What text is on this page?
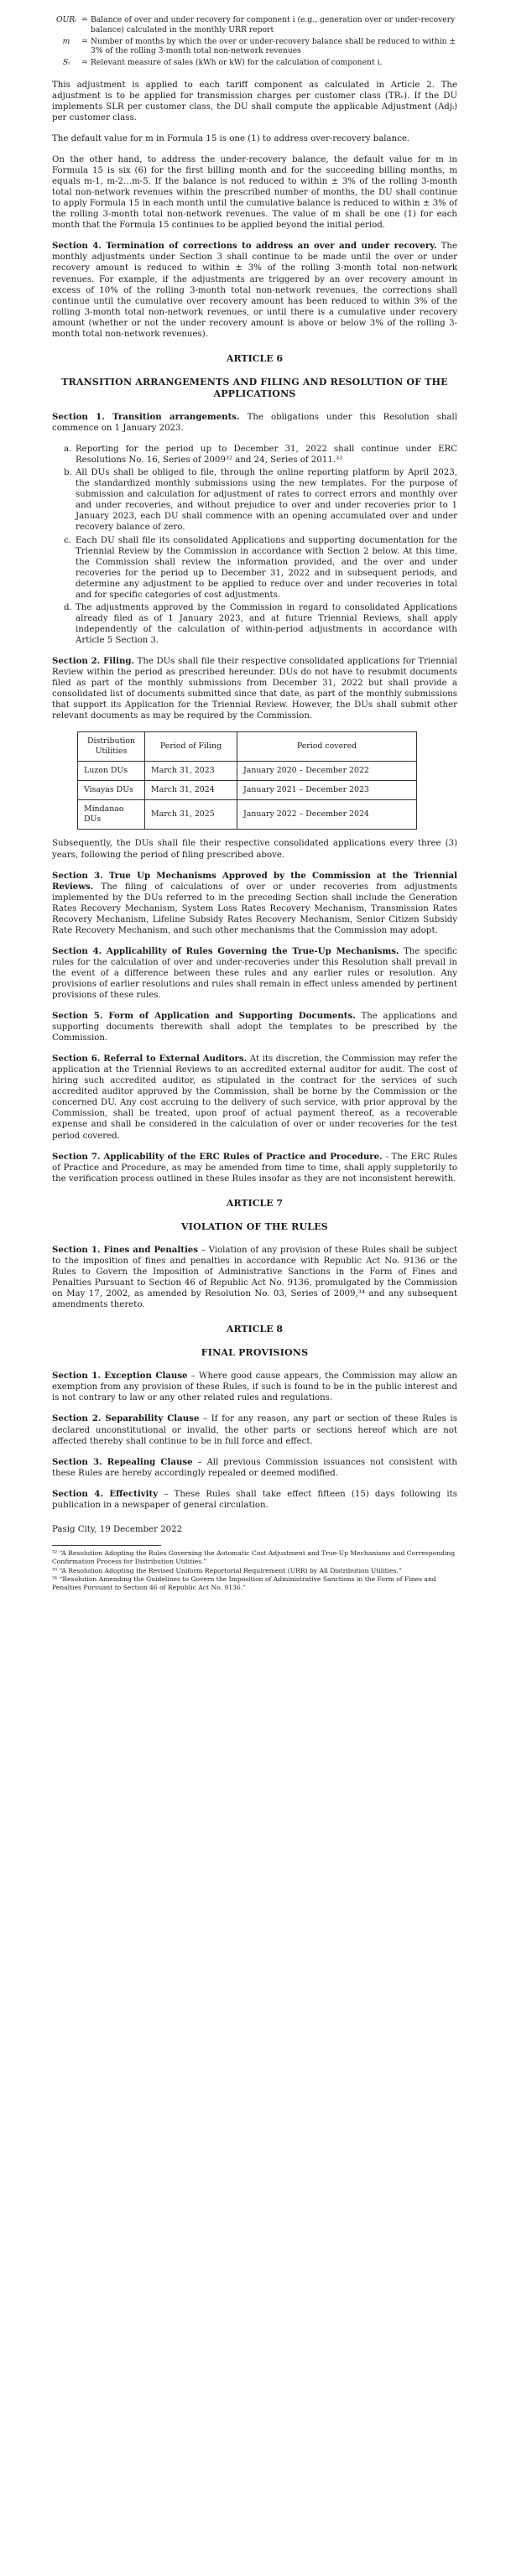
OURᵢ = Balance of over and under recovery for component i (e.g., generation over or under-recovery balance) calculated in the monthly URR report
m	= Number of months by which the over or under-recovery balance shall be reduced to within ± 3% of the rolling 3-month total non-network revenues
Sᵢ	= Relevant measure of sales (kWh or kW) for the calculation of component i.

This adjustment is applied to each tariff component as calculated in Article 2. The adjustment is to be applied for transmission charges per customer class (TRᵥ). If the DU implements SLR per customer class, the DU shall compute the applicable Adjustment (Adjᵢ) per customer class.

The default value for m in Formula 15 is one (1) to address over-recovery balance.

On the other hand, to address the under-recovery balance, the default value for m in Formula 15 is six (6) for the first billing month and for the succeeding billing months, m equals m-1, m-2…m-5. If the balance is not reduced to within ± 3% of the rolling 3-month total non-network revenues within the prescribed number of months, the DU shall continue to apply Formula 15 in each month until the cumulative balance is reduced to within ± 3% of the rolling 3-month total non-network revenues. The value of m shall be one (1) for each month that the Formula 15 continues to be applied beyond the initial period.

Section 4. Termination of corrections to address an over and under recovery. The monthly adjustments under Section 3 shall continue to be made until the over or under recovery amount is reduced to within ± 3% of the rolling 3-month total non-network revenues. For example, if the adjustments are triggered by an over recovery amount in excess of 10% of the rolling 3-month total non-network revenues, the corrections shall continue until the cumulative over recovery amount has been reduced to within 3% of the rolling 3-month total non-network revenues, or until there is a cumulative under recovery amount (whether or not the under recovery amount is above or below 3% of the rolling 3-month total non-network revenues).

ARTICLE 6
TRANSITION ARRANGEMENTS AND FILING AND RESOLUTION OF THE APPLICATIONS

Section 1. Transition arrangements. The obligations under this Resolution shall commence on 1 January 2023.

a. Reporting for the period up to December 31, 2022 shall continue under ERC Resolutions No. 16, Series of 2009³² and 24, Series of 2011.³³
b. All DUs shall be obliged to file, through the online reporting platform by April 2023, the standardized monthly submissions using the new templates. For the purpose of submission and calculation for adjustment of rates to correct errors and monthly over and under recoveries, and without prejudice to over and under recoveries prior to 1 January 2023, each DU shall commence with an opening accumulated over and under recovery balance of zero.
c. Each DU shall file its consolidated Applications and supporting documentation for the Triennial Review by the Commission in accordance with Section 2 below. At this time, the Commission shall review the information provided, and the over and under recoveries for the period up to December 31, 2022 and in subsequent periods, and determine any adjustment to be applied to reduce over and under recoveries in total and for specific categories of cost adjustments.
d. The adjustments approved by the Commission in regard to consolidated Applications already filed as of 1 January 2023, and at future Triennial Reviews, shall apply independently of the calculation of within-period adjustments in accordance with Article 5 Section 3.

Section 2. Filing. The DUs shall file their respective consolidated applications for Triennial Review within the period as prescribed hereunder. DUs do not have to resubmit documents filed as part of the monthly submissions from December 31, 2022 but shall provide a consolidated list of documents submitted since that date, as part of the monthly submissions that support its Application for the Triennial Review. However, the DUs shall submit other relevant documents as may be required by the Commission.

Distribution Utilities	Period of Filing	Period covered
Luzon DUs	March 31, 2023	January 2020 – December 2022
Visayas DUs	March 31, 2024	January 2021 – December 2023
Mindanao DUs	March 31, 2025	January 2022 – December 2024

Subsequently, the DUs shall file their respective consolidated applications every three (3) years, following the period of filing prescribed above.

Section 3. True Up Mechanisms Approved by the Commission at the Triennial Reviews. The filing of calculations of over or under recoveries from adjustments implemented by the DUs referred to in the preceding Section shall include the Generation Rates Recovery Mechanism, System Loss Rates Recovery Mechanism, Transmission Rates Recovery Mechanism, Lifeline Subsidy Rates Recovery Mechanism, Senior Citizen Subsidy Rate Recovery Mechanism, and such other mechanisms that the Commission may adopt.

Section 4. Applicability of Rules Governing the True-Up Mechanisms. The specific rules for the calculation of over and under-recoveries under this Resolution shall prevail in the event of a difference between these rules and any earlier rules or resolution. Any provisions of earlier resolutions and rules shall remain in effect unless amended by pertinent provisions of these rules.

Section 5. Form of Application and Supporting Documents. The applications and supporting documents therewith shall adopt the templates to be prescribed by the Commission.

Section 6. Referral to External Auditors. At its discretion, the Commission may refer the application at the Triennial Reviews to an accredited external auditor for audit. The cost of hiring such accredited auditor, as stipulated in the contract for the services of such accredited auditor approved by the Commission, shall be borne by the Commission or the concerned DU. Any cost accruing to the delivery of such service, with prior approval by the Commission, shall be treated, upon proof of actual payment thereof, as a recoverable expense and shall be considered in the calculation of over or under recoveries for the test period covered.

Section 7. Applicability of the ERC Rules of Practice and Procedure. - The ERC Rules of Practice and Procedure, as may be amended from time to time, shall apply suppletorily to the verification process outlined in these Rules insofar as they are not inconsistent herewith.

ARTICLE 7
VIOLATION OF THE RULES

Section 1. Fines and Penalties – Violation of any provision of these Rules shall be subject to the imposition of fines and penalties in accordance with Republic Act No. 9136 or the Rules to Govern the Imposition of Administrative Sanctions in the Form of Fines and Penalties Pursuant to Section 46 of Republic Act No. 9136, promulgated by the Commission on May 17, 2002, as amended by Resolution No. 03, Series of 2009,³⁴ and any subsequent amendments thereto.

ARTICLE 8
FINAL PROVISIONS

Section 1. Exception Clause – Where good cause appears, the Commission may allow an exemption from any provision of these Rules, if such is found to be in the public interest and is not contrary to law or any other related rules and regulations.

Section 2. Separability Clause – If for any reason, any part or section of these Rules is declared unconstitutional or invalid, the other parts or sections hereof which are not affected thereby shall continue to be in full force and effect.

Section 3. Repealing Clause – All previous Commission issuances not consistent with these Rules are hereby accordingly repealed or deemed modified.

Section 4. Effectivity – These Rules shall take effect fifteen (15) days following its publication in a newspaper of general circulation.

Pasig City, 19 December 2022
³² “A Resolution Adopting the Rules Governing the Automatic Cost Adjustment and True-Up Mechanisms and Corresponding Confirmation Process for Distribution Utilities.”
³³ “A Resolution Adopting the Revised Uniform Reportorial Requirement (URR) by All Distribution Utilities.”
³⁴ “Resolution Amending the Guidelines to Govern the Imposition of Administrative Sanctions in the Form of Fines and Penalties Pursuant to Section 46 of Republic Act No. 9136.”
